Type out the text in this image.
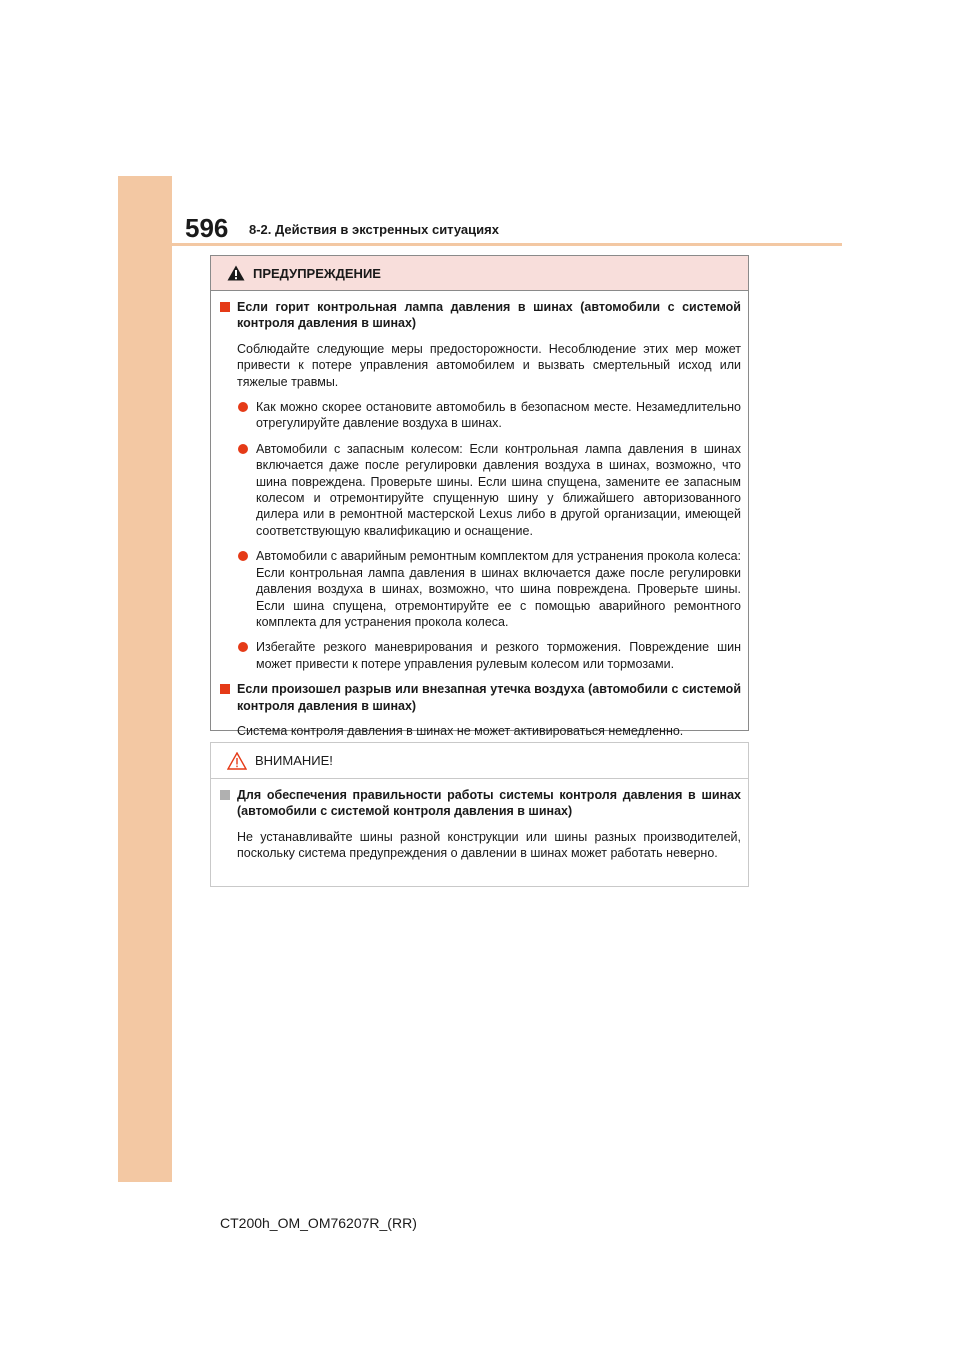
596 8-2. Действия в экстренных ситуациях
ПРЕДУПРЕЖДЕНИЕ

Если горит контрольная лампа давления в шинах (автомобили с системой контроля давления в шинах)

Соблюдайте следующие меры предосторожности. Несоблюдение этих мер может привести к потере управления автомобилем и вызвать смертельный исход или тяжелые травмы.

Как можно скорее остановите автомобиль в безопасном месте. Незамедлительно отрегулируйте давление воздуха в шинах.

Автомобили с запасным колесом: Если контрольная лампа давления в шинах включается даже после регулировки давления воздуха в шинах, возможно, что шина повреждена. Проверьте шины. Если шина спущена, замените ее запасным колесом и отремонтируйте спущенную шину у ближайшего авторизованного дилера или в ремонтной мастерской Lexus либо в другой организации, имеющей соответствующую квалификацию и оснащение.

Автомобили с аварийным ремонтным комплектом для устранения прокола колеса: Если контрольная лампа давления в шинах включается даже после регулировки давления воздуха в шинах, возможно, что шина повреждена. Проверьте шины. Если шина спущена, отремонтируйте ее с помощью аварийного ремонтного комплекта для устранения прокола колеса.

Избегайте резкого маневрирования и резкого торможения. Повреждение шин может привести к потере управления рулевым колесом или тормозами.

Если произошел разрыв или внезапная утечка воздуха (автомобили с системой контроля давления в шинах)

Система контроля давления в шинах не может активироваться немедленно.

ВНИМАНИЕ!

Для обеспечения правильности работы системы контроля давления в шинах (автомобили с системой контроля давления в шинах)

Не устанавливайте шины разной конструкции или шины разных производителей, поскольку система предупреждения о давлении в шинах может работать неверно.

CT200h_OM_OM76207R_(RR)
